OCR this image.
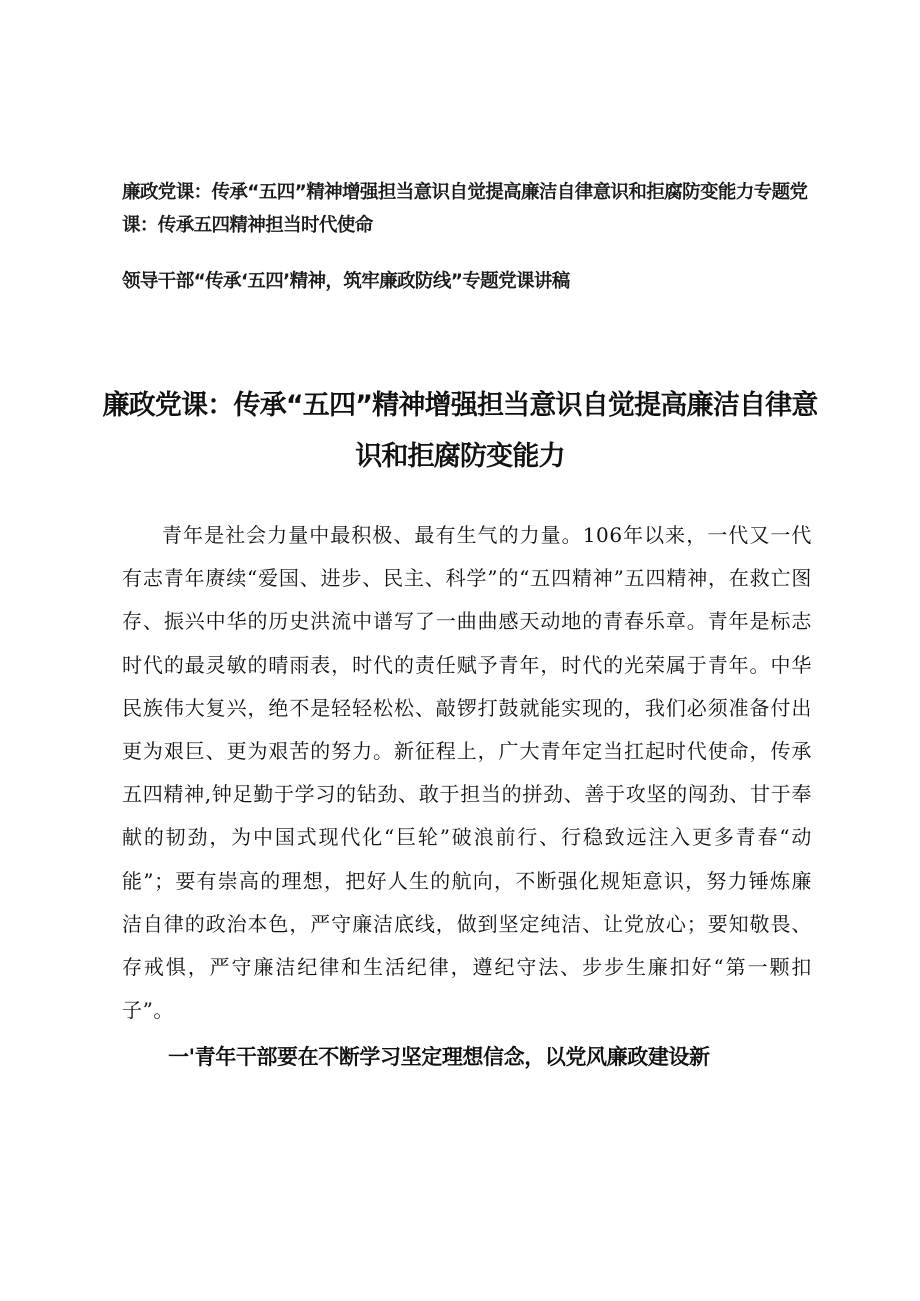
廉政党课：传承“五四”精神增强担当意识自觉提高廉洁自律意识和拒腐防变能力专题党课：传承五四精神担当时代使命
领导干部“传承‘五四’精神，筑牢廉政防线”专题党课讲稿
廉政党课：传承“五四”精神增强担当意识自觉提高廉洁自律意识和拒腐防变能力

青年是社会力量中最积极、最有生气的力量。106年以来，一代又一代有志青年赓续“爱国、进步、民主、科学”的“五四精神”五四精神，在救亡图存、振兴中华的历史洪流中谱写了一曲曲感天动地的青春乐章。青年是标志时代的最灵敏的晴雨表，时代的责任赋予青年，时代的光荣属于青年。中华民族伟大复兴，绝不是轻轻松松、敲锣打鼓就能实现的，我们必须准备付出更为艰巨、更为艰苦的努力。新征程上，广大青年定当扛起时代使命，传承五四精神,钟足勤于学习的钻劲、敢于担当的拼劲、善于攻坚的闯劲、甘于奉献的韧劲，为中国式现代化“巨轮”破浪前行、行稳致远注入更多青春“动能”；要有崇高的理想，把好人生的航向，不断强化规矩意识，努力锤炼廉洁自律的政治本色，严守廉洁底线，做到坚定纯洁、让党放心；要知敬畏、存戒惧，严守廉洁纪律和生活纪律，遵纪守法、步步生廉扣好“第一颗扣子”。

一'青年干部要在不断学习坚定理想信念，以党风廉政建设新
